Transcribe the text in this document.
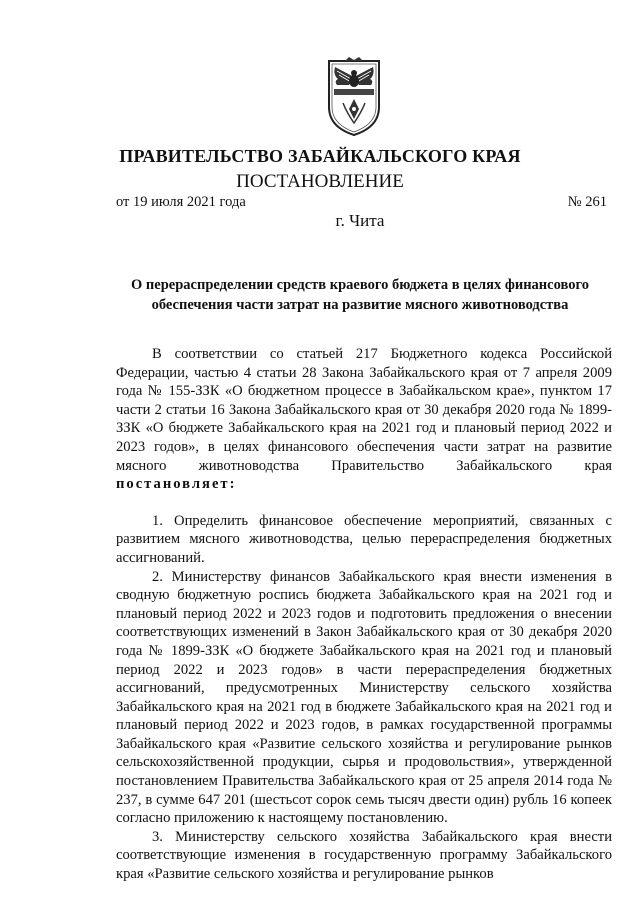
ПРАВИТЕЛЬСТВО ЗАБАЙКАЛЬСКОГО КРАЯ
ПОСТАНОВЛЕНИЕ
от 19 июля 2021 года	№ 261
г. Чита
О перераспределении средств краевого бюджета в целях финансового
обеспечения части затрат на развитие мясного животноводства

В соответствии со статьей 217 Бюджетного кодекса Российской Федерации, частью 4 статьи 28 Закона Забайкальского края от 7 апреля 2009 года № 155-ЗЗК «О бюджетном процессе в Забайкальском крае», пунктом 17 части 2 статьи 16 Закона Забайкальского края от 30 декабря 2020 года № 1899-ЗЗК «О бюджете Забайкальского края на 2021 год и плановый период 2022 и 2023 годов», в целях финансового обеспечения части затрат на развитие мясного животноводства Правительство Забайкальского края постановляет:

1. Определить финансовое обеспечение мероприятий, связанных с развитием мясного животноводства, целью перераспределения бюджетных ассигнований.

2. Министерству финансов Забайкальского края внести изменения в сводную бюджетную роспись бюджета Забайкальского края на 2021 год и плановый период 2022 и 2023 годов и подготовить предложения о внесении соответствующих изменений в Закон Забайкальского края от 30 декабря 2020 года № 1899-ЗЗК «О бюджете Забайкальского края на 2021 год и плановый период 2022 и 2023 годов» в части перераспределения бюджетных ассигнований, предусмотренных Министерству сельского хозяйства Забайкальского края на 2021 год в бюджете Забайкальского края на 2021 год и плановый период 2022 и 2023 годов, в рамках государственной программы Забайкальского края «Развитие сельского хозяйства и регулирование рынков сельскохозяйственной продукции, сырья и продовольствия», утвержденной постановлением Правительства Забайкальского края от 25 апреля 2014 года № 237, в сумме 647 201 (шестьсот сорок семь тысяч двести один) рубль 16 копеек согласно приложению к настоящему постановлению.

3. Министерству сельского хозяйства Забайкальского края внести соответствующие изменения в государственную программу Забайкальского края «Развитие сельского хозяйства и регулирование рынков
